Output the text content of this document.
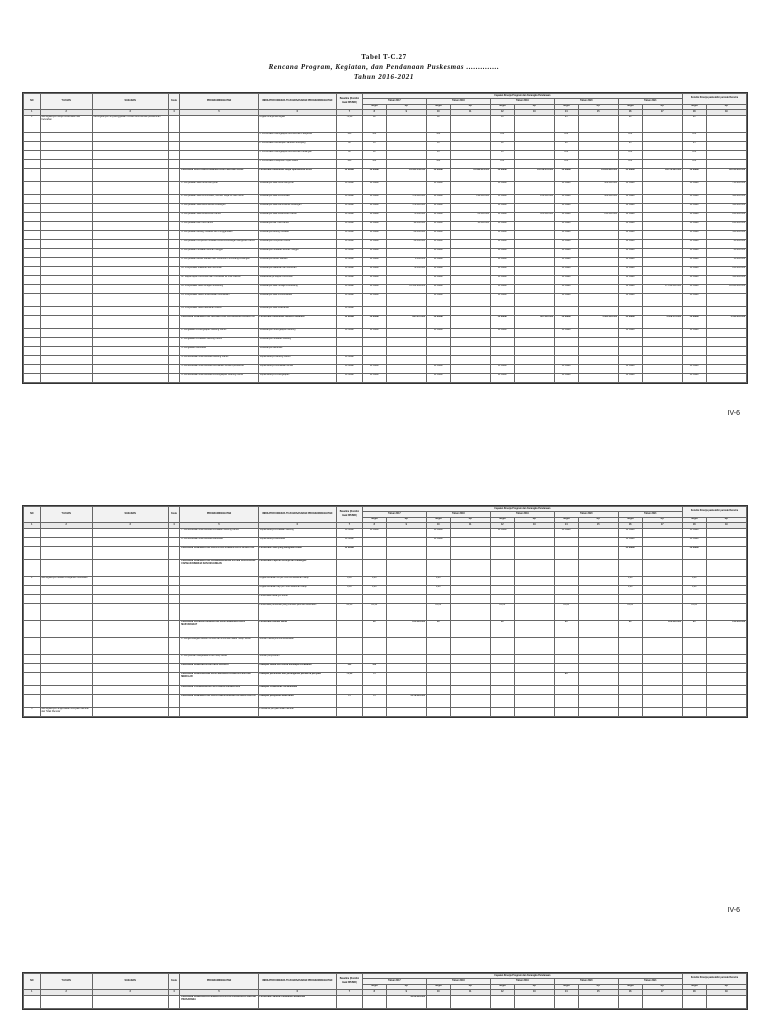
Tabel T-C.27
Rencana Program, Kegiatan, dan Pendanaan Puskesmas ..............
Tahun 2016-2021
NO	TUJUAN	SASARAN	Kode	PROGRAM/KEGIATAN	INDIKATOR KINERJA TUJUAN/SASARAN PROGRAM/KEGIATAN	Baseline (Kondisi Awal RPJMD)	Capaian Kinerja Program dan Kerangka Pendanaan										Kondisi Kinerja pada akhir periode Renstra	
							Tahun 2017		Tahun 2018		Tahun 2019		Tahun 2020		Tahun 2021			
							Target	Rp	Target	Rp	Target	Rp	Target	Rp	Target	Rp	Target	Rp
1	2	3	4	5	6	7	8	9	10	11	12	13	14	15	16	17	18	19
1	Meningkatnya Kinerja Kecamatan dan Kelurahan	Meningkatnya Penyelenggaraan Urusan Administrasi perkantoran			Angka Kinerja Meningkat	75,00	80		80		85		85		90		90	
					1. Persentase Kelengkapan Administrasi Pelayanan	100	100		100		100		100		100		100	
					2. Persentase Kecukupan Sarana Penunjang	80	85		85		90		90		95		95	
					3. Persentase Kelengkapan Administrasi Keuangan	90	90		95		95		100		100		100	
					4. Persentase Pelaporan Tepat Waktu	100	100		100		100		100		100		100	
				PROGRAM PELAYANAN ADMINISTRASI PERKANTORAN	Persentase Kebutuhan Biaya Operasional SKPD	12 bulan	12 bulan	10.345.156.314	12 bulan	11.390.634.354	12 bulan	13.158.278.000	12 bulan	13.941.863.000	12 bulan	19.176.295.000	12 bulan	28.013.000.000
				1. Penyediaan Jasa Surat Menyurat	Tersedianya Jasa Surat Menyurat	12 bulan	12 bulan		12 bulan		12 bulan		12 bulan	300.000.000	12 bulan		12 bulan	700.000.000
				2. Penyediaan Jasa Komunikasi, Sumber Daya Air dan Listrik	Tersedianya Jasa Komunikasi	12 bulan	12 bulan	170.000.000	12 bulan	190.000.000	12 bulan	250.000.000	12 bulan	300.000.000	12 bulan		12 bulan	400.000.000
				3. Penyediaan Jasa Administrasi Keuangan	Tersedianya Jasa Administrasi Keuangan	12 bulan	12 bulan	176.000.000	12 bulan		12 bulan		12 bulan		12 bulan		12 bulan	300.000.000
				4. Penyediaan Jasa Kebersihan Kantor	Tersedianya Jasa Kebersihan Kantor	12 bulan	12 bulan	75.000.000	12 bulan	84.000.000	12 bulan	125.000.000	12 bulan	195.000.000	12 bulan		12 bulan	200.000.000
				5. Penyediaan Alat Tulis Kantor	Tersedianya Alat Tulis Kantor	12 bulan	12 bulan	90.000.000	12 bulan	95.000.000	12 bulan		12 bulan		12 bulan		12 bulan	200.000.000
				6. Penyediaan Barang Cetakan dan Penggandaan	Tersedianya Barang Cetakan	12 bulan	12 bulan	60.000.000	12 bulan		12 bulan		12 bulan		12 bulan		12 bulan	100.000.000
				7. Penyediaan Komponen Instalasi Listrik/Penerangan Bangunan Kantor	Tersedianya Komponen Listrik	12 bulan	12 bulan	30.000.000	12 bulan		12 bulan		12 bulan		12 bulan		12 bulan	80.000.000
				8. Penyediaan Peralatan Rumah Tangga	Tersedianya Peralatan Rumah Tangga	12 bulan	12 bulan		12 bulan		12 bulan		12 bulan		12 bulan		12 bulan	80.000.000
				9. Penyediaan Bahan Bacaan dan Peraturan Perundang-undangan	Tersedianya Bahan Bacaan	12 bulan	12 bulan	5.000.000	12 bulan		12 bulan		12 bulan		12 bulan		12 bulan	30.000.000
				10. Penyediaan Makanan dan Minuman	Tersedianya Makanan dan Minuman	12 bulan	12 bulan	70.000.000	12 bulan		12 bulan		12 bulan		12 bulan		12 bulan	200.000.000
				11. Rapat-rapat Koordinasi dan Konsultasi ke Luar Daerah	Terlaksananya Rapat Koordinasi	12 bulan	12 bulan		12 bulan		12 bulan		12 bulan		12 bulan		12 bulan	100.000.000
				12. Penyediaan Jasa Tenaga Pendukung	Tersedianya Jasa Tenaga Pendukung	12 bulan	12 bulan	11.136.989.000	12 bulan		12 bulan		12 bulan		12 bulan	17.010.000.000	12 bulan	26.000.000.000
				13. Penyediaan Jasa Pemeliharaan Kendaraan	Tersedianya Jasa Pemeliharaan	12 bulan	12 bulan		12 bulan		12 bulan		12 bulan		12 bulan		12 bulan	
				14. Penyediaan Jasa Keamanan Kantor	Tersedianya Jasa Keamanan	12 bulan												
				PROGRAM PENINGKATAN SARANA DAN PRASARANA APARATUR	Persentase Kebutuhan Sarana Prasarana	12 bulan	12 bulan	897.872.000	12 bulan		12 bulan	937.000.000	12 bulan	1.391.000.000	12 bulan	1.009.176.000	12 bulan	1.100.000.000
				1. Pengadaan Perlengkapan Gedung Kantor	Tersedianya Perlengkapan Gedung	12 bulan	12 bulan		12 bulan		12 bulan		12 bulan		12 bulan		12 bulan	
				2. Pengadaan Peralatan Gedung Kantor	Tersedianya Peralatan Gedung													
				3. Pengadaan Mebeulair	Tersedianya Mebeulair													
				4. Pemeliharaan Rutin/Berkala Gedung Kantor	Terpeliharanya Gedung Kantor	12 bulan												
				5. Pemeliharaan Rutin/Berkala Kendaraan Dinas/Operasional	Terpeliharanya Kendaraan Dinas	12 bulan	12 bulan		12 bulan		12 bulan		12 bulan		12 bulan		12 bulan	
				6. Pemeliharaan Rutin/Berkala Perlengkapan Gedung Kantor	Terpeliharanya Perlengkapan	12 bulan	12 bulan		12 bulan		12 bulan		12 bulan		12 bulan		12 bulan	
IV-6
NO	TUJUAN	SASARAN	Kode	PROGRAM/KEGIATAN	INDIKATOR KINERJA TUJUAN/SASARAN PROGRAM/KEGIATAN	Baseline (Kondisi Awal RPJMD)	Capaian Kinerja Program dan Kerangka Pendanaan										Kondisi Kinerja pada akhir periode Renstra	
							Tahun 2017		Tahun 2018		Tahun 2019		Tahun 2020		Tahun 2021			
							Target	Rp	Target	Rp	Target	Rp	Target	Rp	Target	Rp	Target	Rp
1	2	3	4	5	6	7	8	9	10	11	12	13	14	15	16	17	18	19
				7. Pemeliharaan Rutin/Berkala Peralatan Gedung Kantor	Terpeliharanya Peralatan Gedung	12 bulan	12 bulan		12 bulan		12 bulan		12 bulan		12 bulan		12 bulan	
				8. Pemeliharaan Rutin/Berkala Mebeulair	Terpeliharanya Mebeulair	12 bulan			12 bulan						12 bulan		12 bulan	
				PROGRAM PENINGKATAN KAPASITAS SUMBER DAYA APARATUR	Persentase SDM yang Mengikuti Diklat	12 bulan									12 bulan		12 bulan	
				PROGRAM PENINGKATAN PENGEMBANGAN SISTEM PELAPORAN CAPAIAN KINERJA DAN KEUANGAN	Persentase Laporan Kinerja dan Keuangan													
2	Meningkatnya Kualitas Pelayanan Kesehatan				Angka kematian ibu per 100.000 kelahiran hidup	0,00	0,00		0,00						0,00		0,00	
					Angka kematian bayi per 1000 kelahiran hidup	0,00	0,00		0,00						0,00		0,00	
					Persentase balita gizi buruk													
					Persentase penduduk yang memiliki jaminan kesehatan	20,00	22,40		23,00		23,00		23,00		24,00		25,00	
				PROGRAM PROMOSI KESEHATAN DAN PEMBERDAYAAN MASYARAKAT	Persentase Rumah Sehat		80	251.000.000	80		80		80		80	200.000.000	80	250.000.000
				1. Pengembangan Media Promosi dan Informasi Sadar Hidup Sehat	Jumlah media promosi kesehatan													
				2. Penyuluhan Masyarakat Pola Hidup Sehat	Jumlah penyuluhan													
				PROGRAM PERBAIKAN GIZI MASYARAKAT	Cakupan Balita Gizi Buruk Mendapat Perawatan	100	100											
				PROGRAM PENCEGAHAN DAN PENANGGULANGAN PENYAKIT MENULAR	Cakupan penemuan dan penanganan penderita penyakit	75,00	75						80					
				PROGRAM STANDARISASI PELAYANAN KESEHATAN	Cakupan Puskesmas Terakreditasi													
				PROGRAM PENINGKATAN PELAYANAN KESEHATAN ANAK BALITA	Cakupan pelayanan anak balita	75	75	1.278.000.000										
3	Meningkatnya Pengendalian Penyakit Menular dan Tidak Menular				Prevalensi penyakit tidak menular													
IV-6
NO	TUJUAN	SASARAN	Kode	PROGRAM/KEGIATAN	INDIKATOR KINERJA TUJUAN/SASARAN PROGRAM/KEGIATAN	Baseline (Kondisi Awal RPJMD)	Capaian Kinerja Program dan Kerangka Pendanaan										Kondisi Kinerja pada akhir periode Renstra	
							Tahun 2017		Tahun 2018		Tahun 2019		Tahun 2020		Tahun 2021			
							Target	Rp	Target	Rp	Target	Rp	Target	Rp	Target	Rp	Target	Rp
1	2	3	4	5	6	7	8	9	10	11	12	13	14	15	16	17	18	19
				PROGRAM PENGADAAN PENINGKATAN DAN PERBAIKAN SARANA PRASARANA	Persentase Sarana Prasarana Puskesmas			4.250.000.000										
